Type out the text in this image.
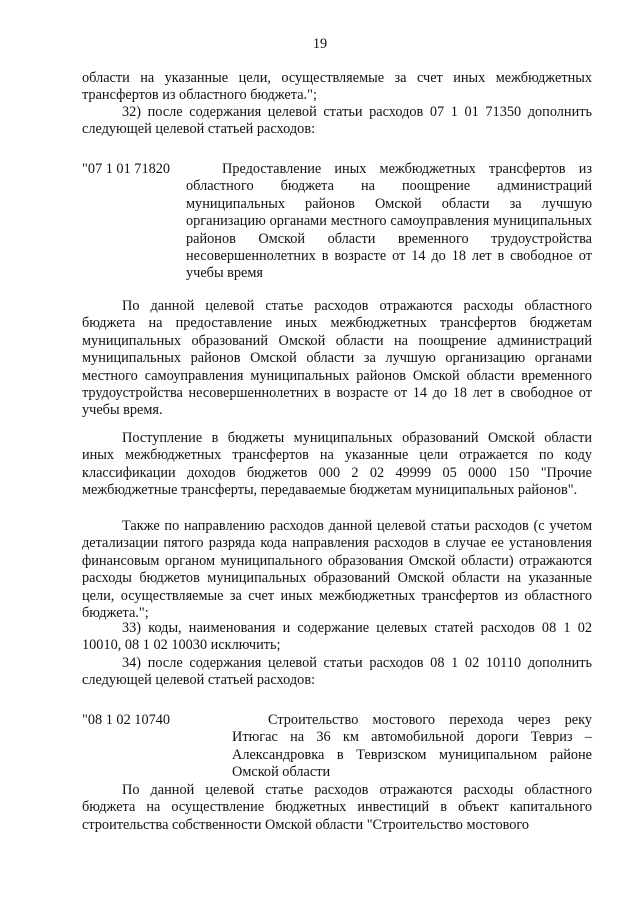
19

области на указанные цели, осуществляемые за счет иных межбюджетных трансфертов из областного бюджета.";

32) после содержания целевой статьи расходов 07 1 01 71350 дополнить следующей целевой статьей расходов:

"07 1 01 71820	Предоставление иных межбюджетных трансфертов из областного бюджета на поощрение администраций муниципальных районов Омской области за лучшую организацию органами местного самоуправления муниципальных районов Омской области временного трудоустройства несовершеннолетних в возрасте от 14 до 18 лет в свободное от учебы время

По данной целевой статье расходов отражаются расходы областного бюджета на предоставление иных межбюджетных трансфертов бюджетам муниципальных образований Омской области на поощрение администраций муниципальных районов Омской области за лучшую организацию органами местного самоуправления муниципальных районов Омской области временного трудоустройства несовершеннолетних в возрасте от 14 до 18 лет в свободное от учебы время.

Поступление в бюджеты муниципальных образований Омской области иных межбюджетных трансфертов на указанные цели отражается по коду классификации доходов бюджетов 000 2 02 49999 05 0000 150 "Прочие межбюджетные трансферты, передаваемые бюджетам муниципальных районов".

Также по направлению расходов данной целевой статьи расходов (с учетом детализации пятого разряда кода направления расходов в случае ее установления финансовым органом муниципального образования Омской области) отражаются расходы бюджетов муниципальных образований Омской области на указанные цели, осуществляемые за счет иных межбюджетных трансфертов из областного бюджета.";

33) коды, наименования и содержание целевых статей расходов 08 1 02 10010, 08 1 02 10030 исключить;

34) после содержания целевой статьи расходов 08 1 02 10110 дополнить следующей целевой статьей расходов:

"08 1 02 10740	Строительство мостового перехода через реку Итюгас на 36 км автомобильной дороги Тевриз – Александровка в Тевризском муниципальном районе Омской области

По данной целевой статье расходов отражаются расходы областного бюджета на осуществление бюджетных инвестиций в объект капитального строительства собственности Омской области "Строительство мостового
